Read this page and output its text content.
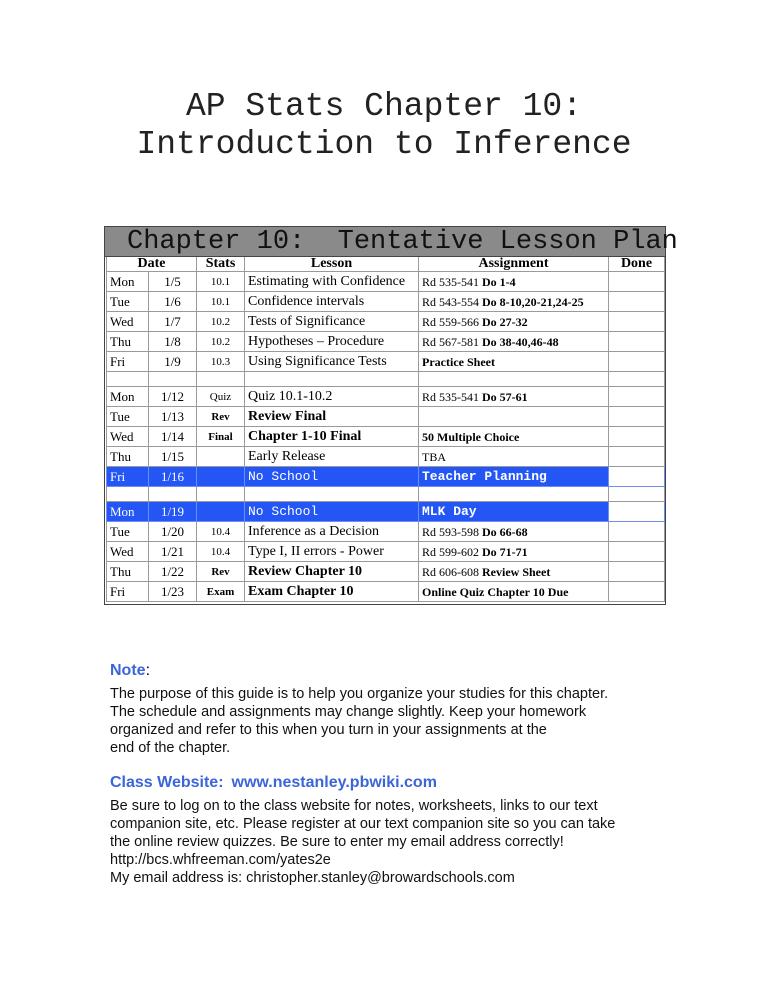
AP Stats Chapter 10:
Introduction to Inference
Chapter 10:  Tentative Lesson Plan
Date		Stats	Lesson	Assignment	Done
Mon	1/5	10.1	Estimating with Confidence	Rd 535-541 Do 1-4	
Tue	1/6	10.1	Confidence intervals	Rd 543-554 Do 8-10,20-21,24-25	
Wed	1/7	10.2	Tests of Significance	Rd 559-566 Do 27-32	
Thu	1/8	10.2	Hypotheses – Procedure	Rd 567-581 Do 38-40,46-48	
Fri	1/9	10.3	Using Significance Tests	Practice Sheet	

Mon	1/12	Quiz	Quiz 10.1-10.2	Rd 535-541 Do 57-61	
Tue	1/13	Rev	Review Final		
Wed	1/14	Final	Chapter 1-10 Final	50 Multiple Choice	
Thu	1/15		Early Release	TBA	
Fri	1/16		No School	Teacher Planning	

Mon	1/19		No School	MLK Day	
Tue	1/20	10.4	Inference as a Decision	Rd 593-598 Do 66-68	
Wed	1/21	10.4	Type I, II errors - Power	Rd 599-602 Do 71-71	
Thu	1/22	Rev	Review Chapter 10	Rd 606-608 Review Sheet	
Fri	1/23	Exam	Exam Chapter 10	Online Quiz Chapter 10 Due	
Note:
The purpose of this guide is to help you organize your studies for this chapter.
The schedule and assignments may change slightly. Keep your homework
organized and refer to this when you turn in your assignments at the
end of the chapter.
Class Website: www.nestanley.pbwiki.com
Be sure to log on to the class website for notes, worksheets, links to our text
companion site, etc. Please register at our text companion site so you can take
the online review quizzes. Be sure to enter my email address correctly!
http://bcs.whfreeman.com/yates2e
My email address is: christopher.stanley@browardschools.com
